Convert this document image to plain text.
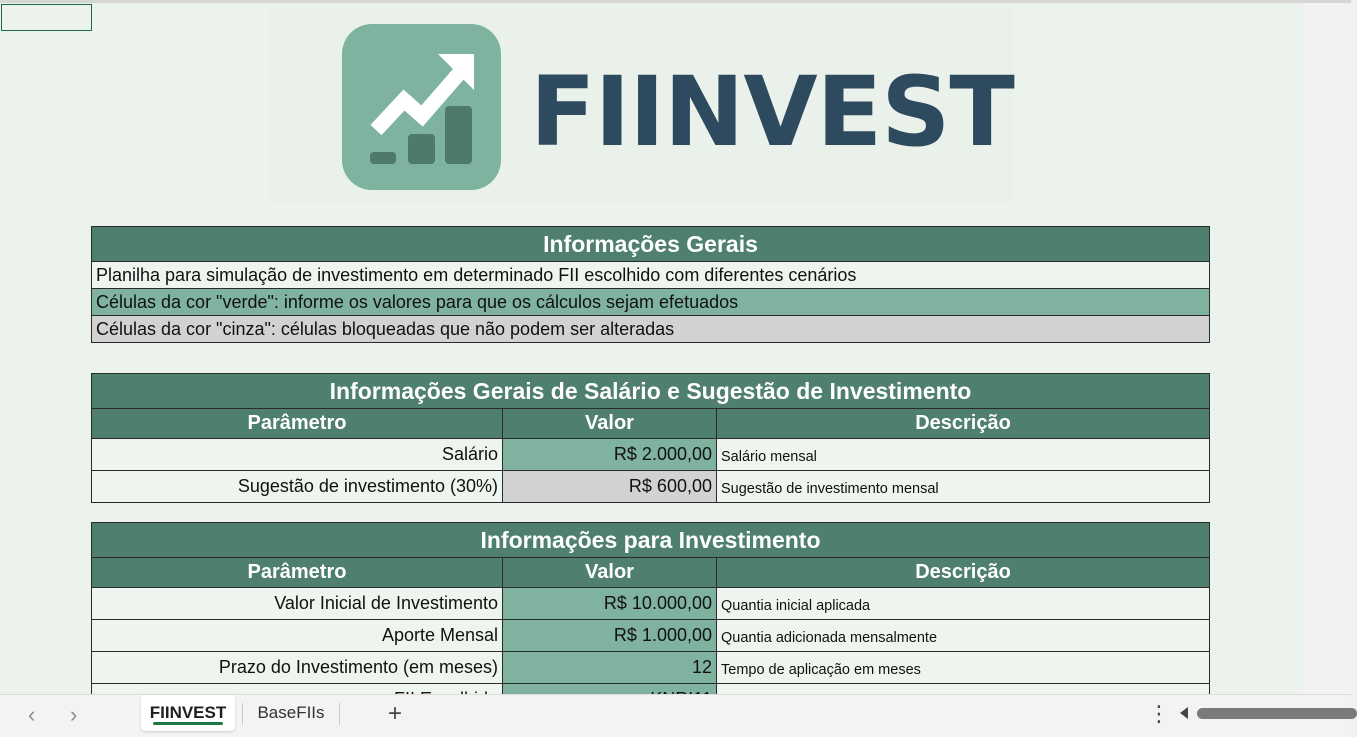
FIINVEST
Informações Gerais
Planilha para simulação de investimento em determinado FII escolhido com diferentes cenários
Células da cor "verde": informe os valores para que os cálculos sejam efetuados
Células da cor "cinza": células bloqueadas que não podem ser alteradas
Informações Gerais de Salário e Sugestão de Investimento		
Parâmetro	Valor	Descrição
Salário	R$ 2.000,00	Salário mensal
Sugestão de investimento (30%)	R$ 600,00	Sugestão de investimento mensal
Informações para Investimento		
Parâmetro	Valor	Descrição
Valor Inicial de Investimento	R$ 10.000,00	Quantia inicial aplicada
Aporte Mensal	R$ 1.000,00	Quantia adicionada mensalmente
Prazo do Investimento (em meses)	12	Tempo de aplicação em meses

‹ ›	FIINVEST	BaseFIIs	+	⋮
